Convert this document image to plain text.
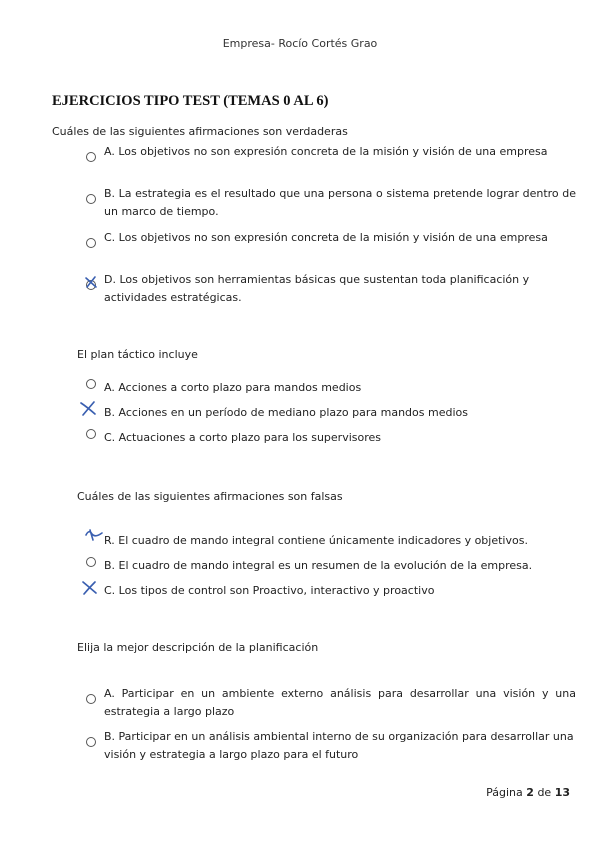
Empresa- Rocío Cortés Grao
EJERCICIOS TIPO TEST (TEMAS 0 AL 6)
Cuáles de las siguientes afirmaciones son verdaderas
A. Los objetivos no son expresión concreta de la misión y visión de una empresa
B. La estrategia es el resultado que una persona o sistema pretende lograr dentro de un marco de tiempo.
C. Los objetivos no son expresión concreta de la misión y visión de una empresa
D. Los objetivos son herramientas básicas que sustentan toda planificación y actividades estratégicas.
El plan táctico incluye
A. Acciones a corto plazo para mandos medios
B. Acciones en un período de mediano plazo para mandos medios
C. Actuaciones a corto plazo para los supervisores
Cuáles de las siguientes afirmaciones son falsas
R. El cuadro de mando integral contiene únicamente indicadores y objetivos.
B. El cuadro de mando integral es un resumen de la evolución de la empresa.
C. Los tipos de control son Proactivo, interactivo y proactivo
Elija la mejor descripción de la planificación
A. Participar en un ambiente externo análisis para desarrollar una visión y una estrategia a largo plazo
B. Participar en un análisis ambiental interno de su organización para desarrollar una visión y estrategia a largo plazo para el futuro
Página 2 de 13
